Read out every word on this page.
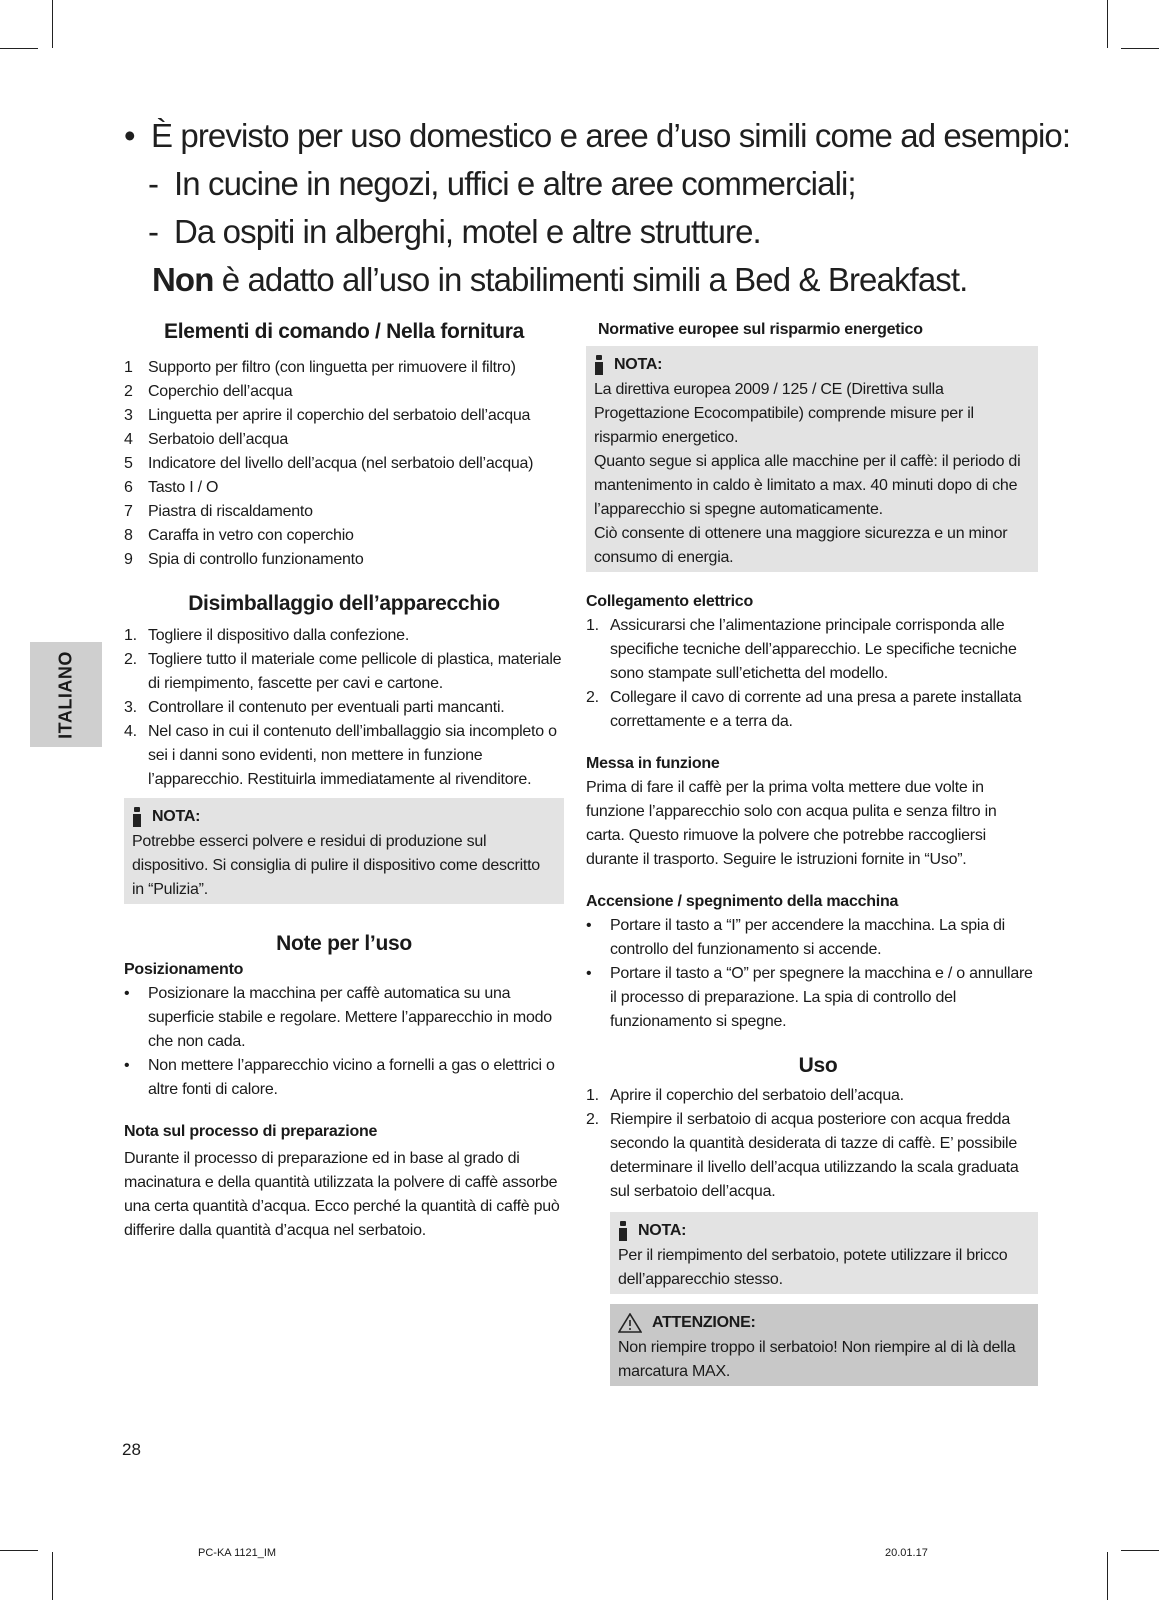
• È previsto per uso domestico e aree d’uso simili come ad esempio:
- In cucine in negozi, uffici e altre aree commerciali;
- Da ospiti in alberghi, motel e altre strutture.
Non è adatto all’uso in stabilimenti simili a Bed & Breakfast.
ITALIANO
Elementi di comando / Nella fornitura
1 Supporto per filtro (con linguetta per rimuovere il filtro)
2 Coperchio dell’acqua
3 Linguetta per aprire il coperchio del serbatoio dell’acqua
4 Serbatoio dell’acqua
5 Indicatore del livello dell’acqua (nel serbatoio dell’acqua)
6 Tasto I / O
7 Piastra di riscaldamento
8 Caraffa in vetro con coperchio
9 Spia di controllo funzionamento
Disimballaggio dell’apparecchio
1. Togliere il dispositivo dalla confezione.
2. Togliere tutto il materiale come pellicole di plastica, materiale di riempimento, fascette per cavi e cartone.
3. Controllare il contenuto per eventuali parti mancanti.
4. Nel caso in cui il contenuto dell’imballaggio sia incompleto o sei i danni sono evidenti, non mettere in funzione l’apparecchio. Restituirla immediatamente al rivenditore.
NOTA:
Potrebbe esserci polvere e residui di produzione sul dispositivo. Si consiglia di pulire il dispositivo come descritto in “Pulizia”.
Note per l’uso
Posizionamento
• Posizionare la macchina per caffè automatica su una superficie stabile e regolare. Mettere l’apparecchio in modo che non cada.
• Non mettere l’apparecchio vicino a fornelli a gas o elettrici o altre fonti di calore.
Nota sul processo di preparazione
Durante il processo di preparazione ed in base al grado di macinatura e della quantità utilizzata la polvere di caffè assorbe una certa quantità d’acqua. Ecco perché la quantità di caffè può differire dalla quantità d’acqua nel serbatoio.
Normative europee sul risparmio energetico
NOTA:
La direttiva europea 2009 / 125 / CE (Direttiva sulla Progettazione Ecocompatibile) comprende misure per il risparmio energetico.
Quanto segue si applica alle macchine per il caffè: il periodo di mantenimento in caldo è limitato a max. 40 minuti dopo di che l’apparecchio si spegne automaticamente.
Ciò consente di ottenere una maggiore sicurezza e un minor consumo di energia.
Collegamento elettrico
1. Assicurarsi che l’alimentazione principale corrisponda alle specifiche tecniche dell’apparecchio. Le specifiche tecniche sono stampate sull’etichetta del modello.
2. Collegare il cavo di corrente ad una presa a parete installata correttamente e a terra da.
Messa in funzione
Prima di fare il caffè per la prima volta mettere due volte in funzione l’apparecchio solo con acqua pulita e senza filtro in carta. Questo rimuove la polvere che potrebbe raccogliersi durante il trasporto. Seguire le istruzioni fornite in “Uso”.
Accensione / spegnimento della macchina
• Portare il tasto a “I” per accendere la macchina. La spia di controllo del funzionamento si accende.
• Portare il tasto a “O” per spegnere la macchina e / o annullare il processo di preparazione. La spia di controllo del funzionamento si spegne.
Uso
1. Aprire il coperchio del serbatoio dell’acqua.
2. Riempire il serbatoio di acqua posteriore con acqua fredda secondo la quantità desiderata di tazze di caffè. E’ possibile determinare il livello dell’acqua utilizzando la scala graduata sul serbatoio dell’acqua.
NOTA:
Per il riempimento del serbatoio, potete utilizzare il bricco dell’apparecchio stesso.
ATTENZIONE:
Non riempire troppo il serbatoio! Non riempire al di là della marcatura MAX.
28
PC-KA 1121_IM	20.01.17
